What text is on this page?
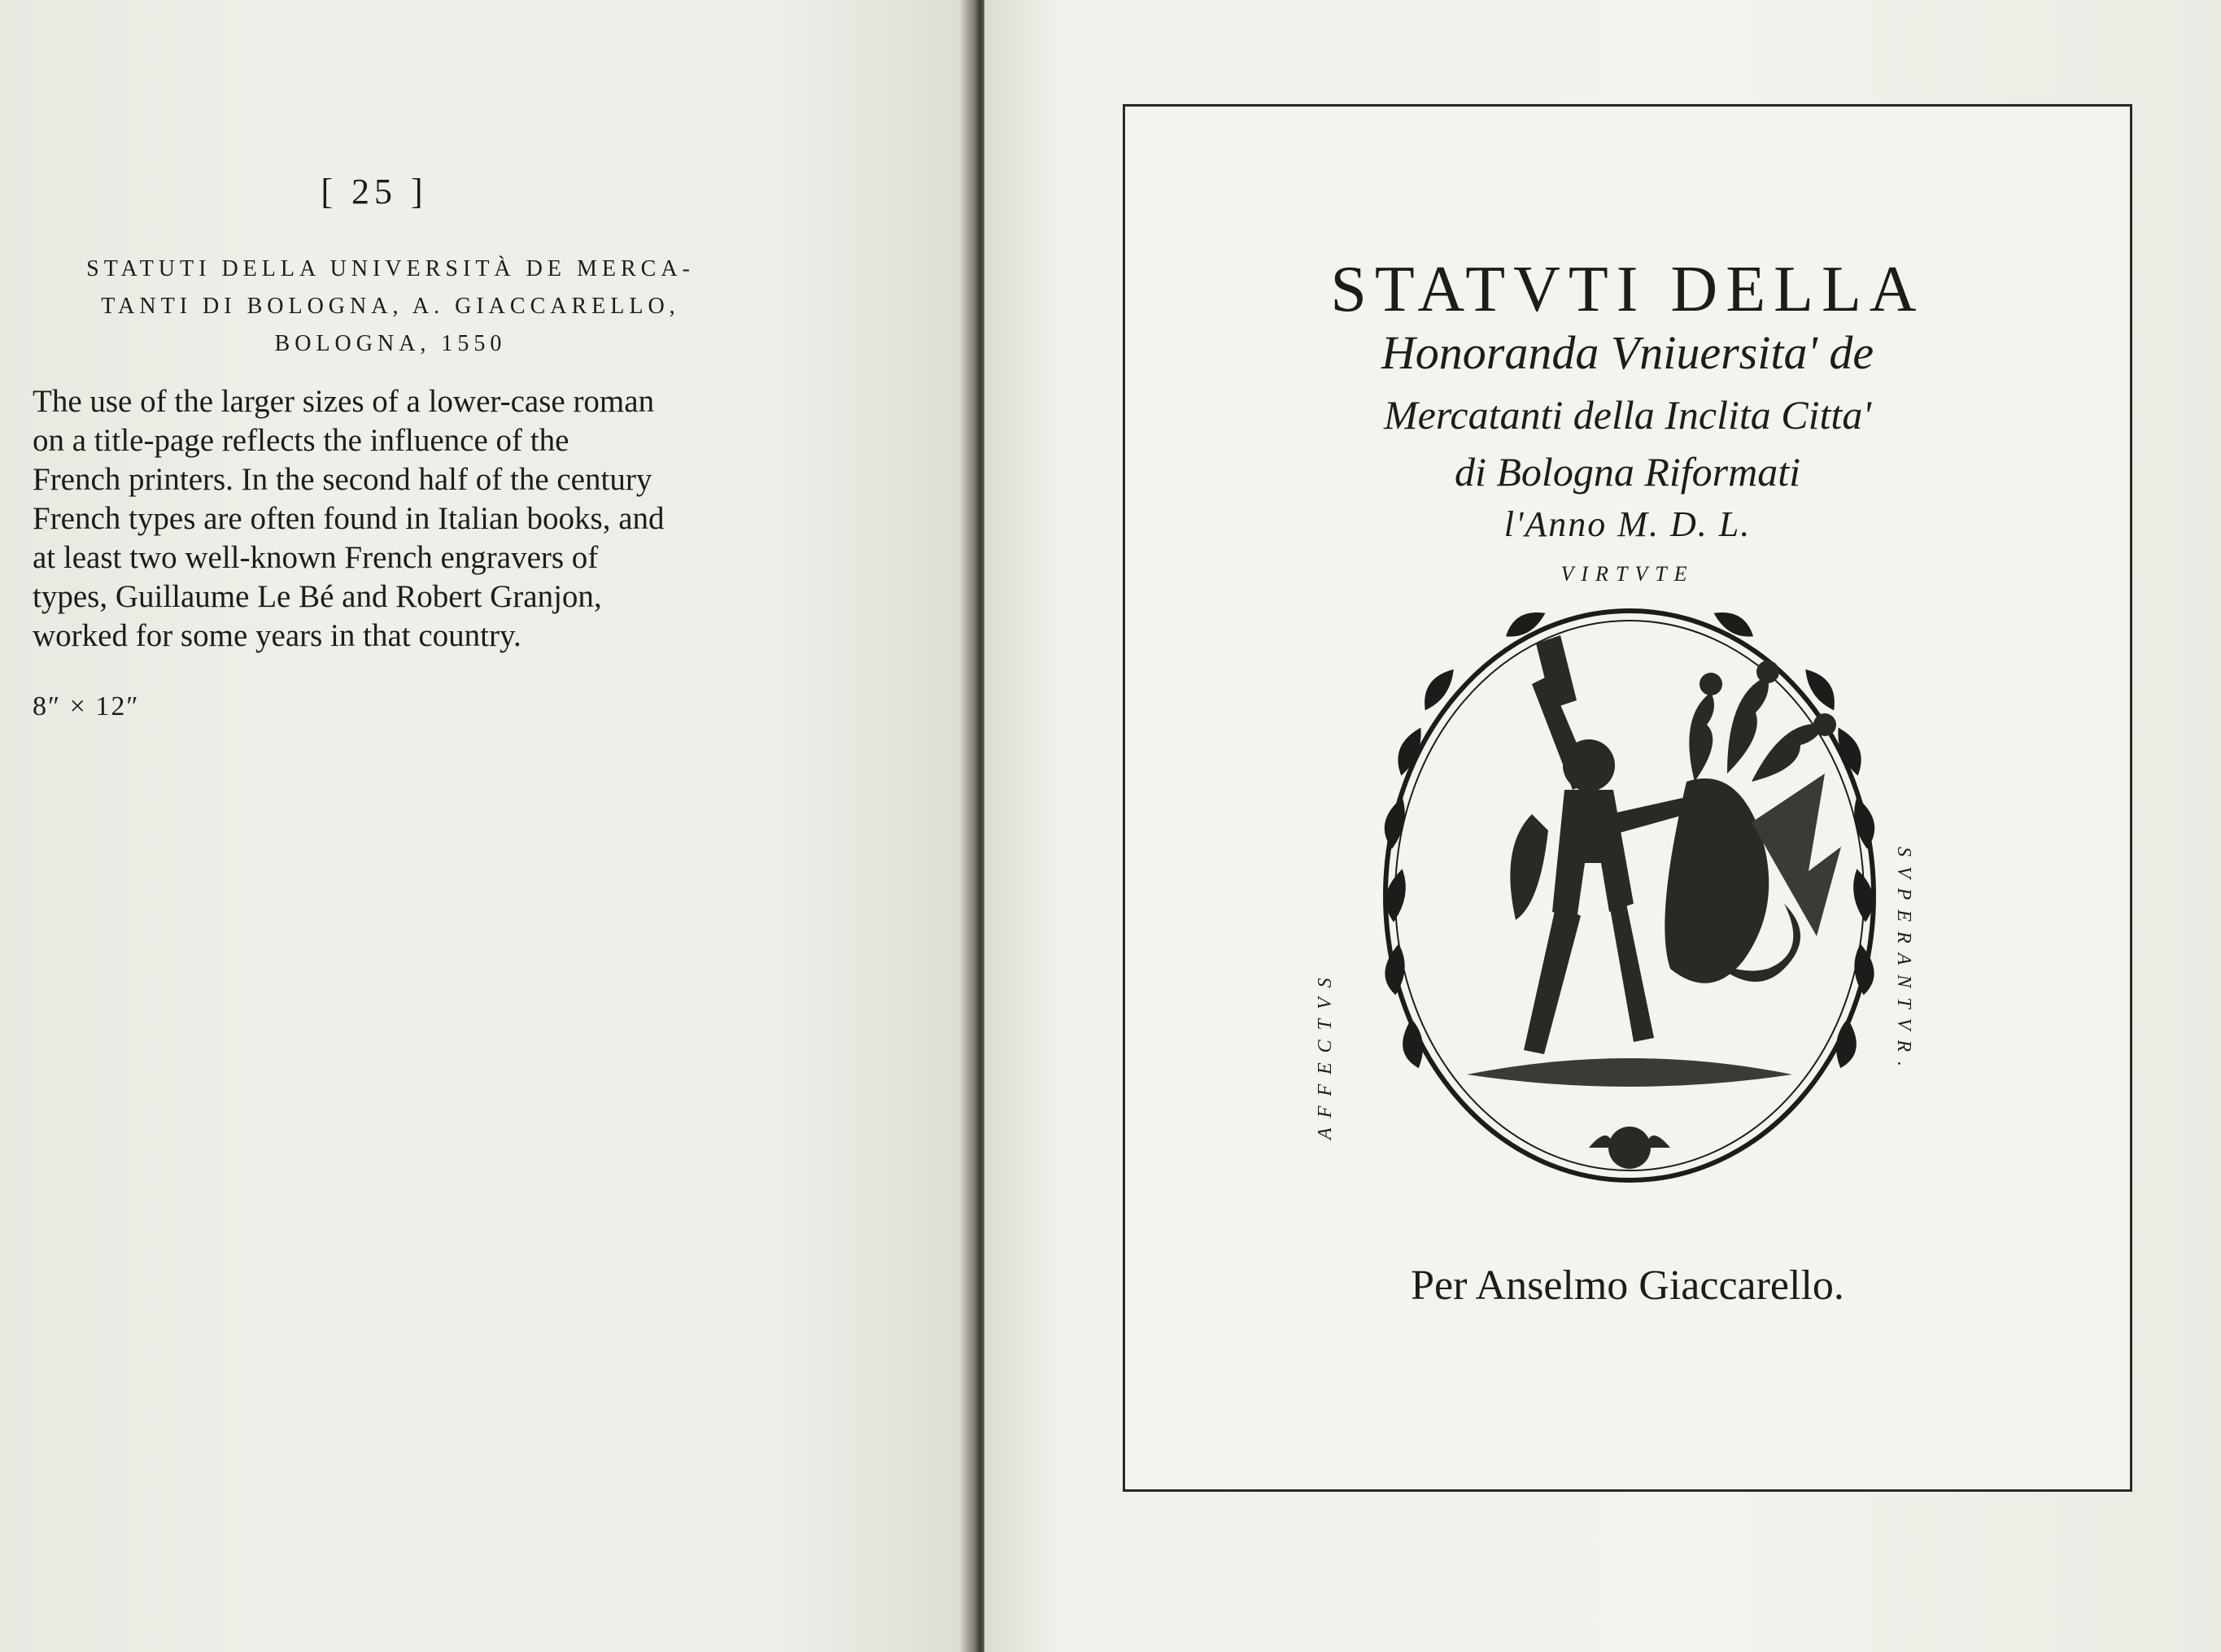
[ 25 ]
STATUTI DELLA UNIVERSITÀ DE MERCA-
TANTI DI BOLOGNA, A. GIACCARELLO,
BOLOGNA, 1550

The use of the larger sizes of a lower-case roman

on a title-page reflects the influence of the

French printers. In the second half of the century

French types are often found in Italian books, and

at least two well-known French engravers of

types, Guillaume Le Bé and Robert Granjon,

worked for some years in that country.

8″ × 12″
STATVTI DELLA
Honoranda Vniuersita' de
Mercatanti della Inclita Citta'
di Bologna Riformati
l'Anno M. D. L.
VIRTVTE
AFFECTVS	SVPERANTVR.
Per Anselmo Giaccarello.
